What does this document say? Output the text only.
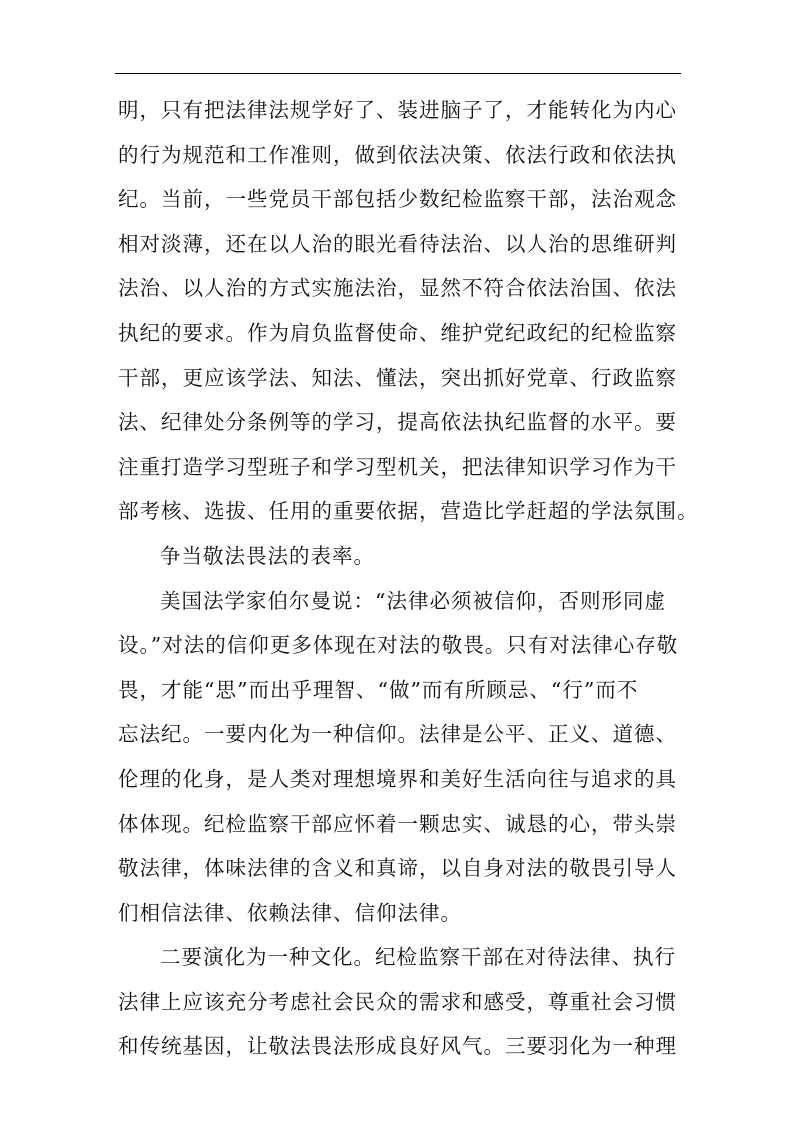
明，只有把法律法规学好了、装进脑子了，才能转化为内心
的行为规范和工作准则，做到依法决策、依法行政和依法执
纪。当前，一些党员干部包括少数纪检监察干部，法治观念
相对淡薄，还在以人治的眼光看待法治、以人治的思维研判
法治、以人治的方式实施法治，显然不符合依法治国、依法
执纪的要求。作为肩负监督使命、维护党纪政纪的纪检监察
干部，更应该学法、知法、懂法，突出抓好党章、行政监察
法、纪律处分条例等的学习，提高依法执纪监督的水平。要
注重打造学习型班子和学习型机关，把法律知识学习作为干
部考核、选拔、任用的重要依据，营造比学赶超的学法氛围。
争当敬法畏法的表率。
美国法学家伯尔曼说：“法律必须被信仰，否则形同虚
设。”对法的信仰更多体现在对法的敬畏。只有对法律心存敬
畏，才能“思”而出乎理智、“做”而有所顾忌、“行”而不
忘法纪。一要内化为一种信仰。法律是公平、正义、道德、
伦理的化身，是人类对理想境界和美好生活向往与追求的具
体体现。纪检监察干部应怀着一颗忠实、诚恳的心，带头崇
敬法律，体味法律的含义和真谛，以自身对法的敬畏引导人
们相信法律、依赖法律、信仰法律。
二要演化为一种文化。纪检监察干部在对待法律、执行
法律上应该充分考虑社会民众的需求和感受，尊重社会习惯
和传统基因，让敬法畏法形成良好风气。三要羽化为一种理
